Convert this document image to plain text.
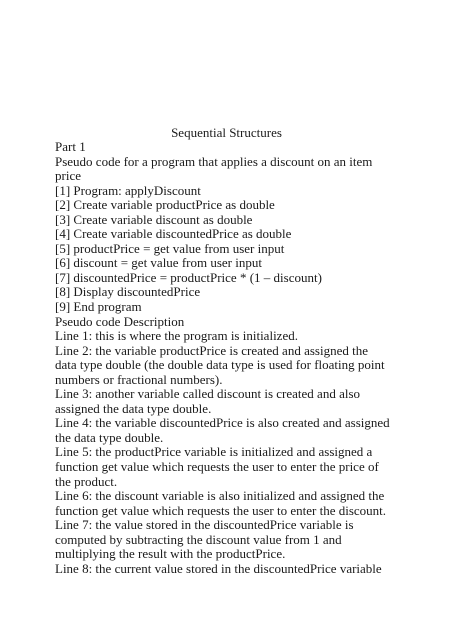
Sequential Structures
Part 1
Pseudo code for a program that applies a discount on an item
price
[1] Program: applyDiscount
[2] Create variable productPrice as double
[3] Create variable discount as double
[4] Create variable discountedPrice as double
[5] productPrice = get value from user input
[6] discount = get value from user input
[7] discountedPrice = productPrice * (1 – discount)
[8] Display discountedPrice
[9] End program
Pseudo code Description
Line 1: this is where the program is initialized.
Line 2: the variable productPrice is created and assigned the
data type double (the double data type is used for floating point
numbers or fractional numbers).
Line 3: another variable called discount is created and also
assigned the data type double.
Line 4: the variable discountedPrice is also created and assigned
the data type double.
Line 5: the productPrice variable is initialized and assigned a
function get value which requests the user to enter the price of
the product.
Line 6: the discount variable is also initialized and assigned the
function get value which requests the user to enter the discount.
Line 7: the value stored in the discountedPrice variable is
computed by subtracting the discount value from 1 and
multiplying the result with the productPrice.
Line 8: the current value stored in the discountedPrice variable
